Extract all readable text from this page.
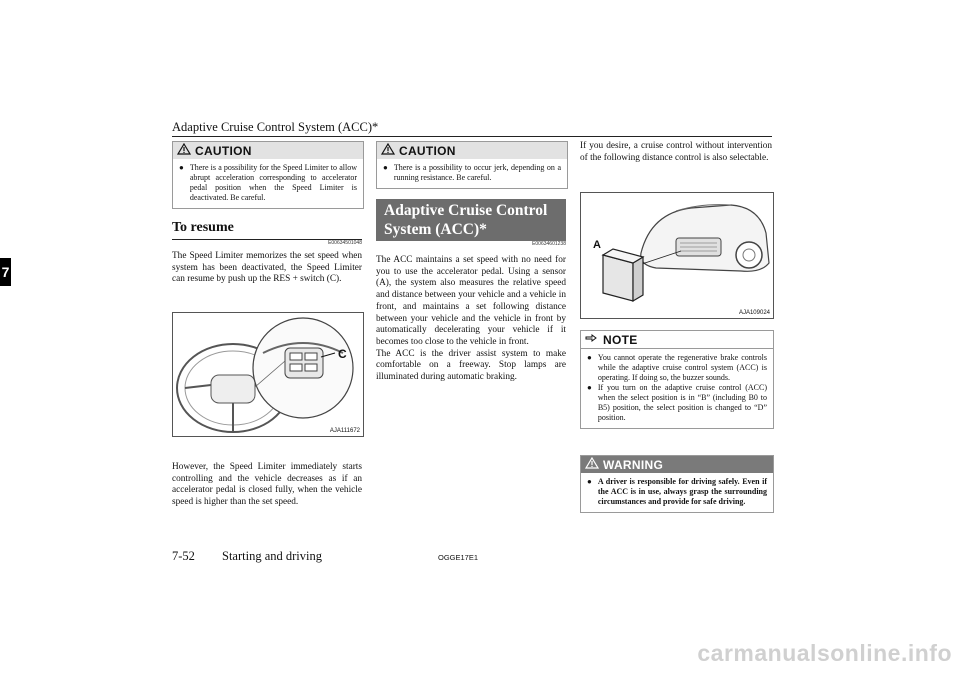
Adaptive Cruise Control System (ACC)*
7
CAUTION
● There is a possibility for the Speed Limiter to allow abrupt acceleration corresponding to accelerator pedal position when the Speed Limiter is deactivated. Be careful.
To resume
E00634501048
The Speed Limiter memorizes the set speed when system has been deactivated, the Speed Limiter can resume by push up the RES + switch (C).
C
AJA111672
However, the Speed Limiter immediately starts controlling and the vehicle decreases as if an accelerator pedal is closed fully, when the vehicle speed is higher than the set speed.
CAUTION
● There is a possibility to occur jerk, depending on a running resistance. Be careful.
Adaptive Cruise Control
System (ACC)*
E00634601238
The ACC maintains a set speed with no need for you to use the accelerator pedal. Using a sensor (A), the system also measures the relative speed and distance between your vehicle and a vehicle in front, and maintains a set following distance between your vehicle and the vehicle in front by automatically decelerating your vehicle if it becomes too close to the vehicle in front.
The ACC is the driver assist system to make comfortable on a freeway. Stop lamps are illuminated during automatic braking.
If you desire, a cruise control without intervention of the following distance control is also selectable.
A
AJA109024
NOTE
● You cannot operate the regenerative brake controls while the adaptive cruise control system (ACC) is operating. If doing so, the buzzer sounds.
● If you turn on the adaptive cruise control (ACC) when the select position is in “B” (including B0 to B5) position, the select position is changed to “D” position.
WARNING
● A driver is responsible for driving safely. Even if the ACC is in use, always grasp the surrounding circumstances and provide for safe driving.
7-52 Starting and driving	OGGE17E1
carmanualsonline.info
